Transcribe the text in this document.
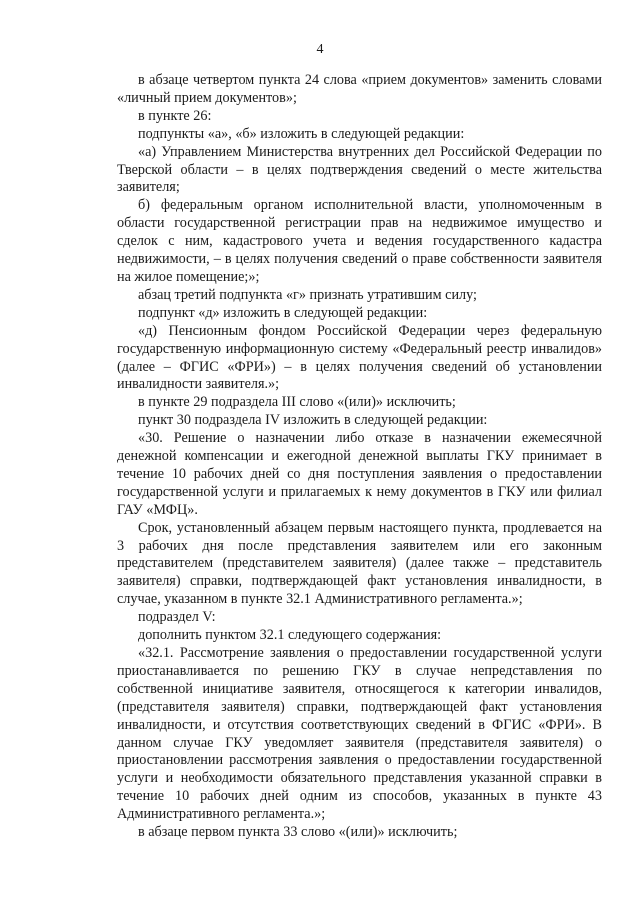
4

в абзаце четвертом пункта 24 слова «прием документов» заменить словами «личный прием документов»;

в пункте 26:

подпункты «а», «б» изложить в следующей редакции:

«а) Управлением Министерства внутренних дел Российской Федерации по Тверской области – в целях подтверждения сведений о месте жительства заявителя;

б) федеральным органом исполнительной власти, уполномоченным в области государственной регистрации прав на недвижимое имущество и сделок с ним, кадастрового учета и ведения государственного кадастра недвижимости, – в целях получения сведений о праве собственности заявителя на жилое помещение;»;

абзац третий подпункта «г» признать утратившим силу;

подпункт «д» изложить в следующей редакции:

«д) Пенсионным фондом Российской Федерации через федеральную государственную информационную систему «Федеральный реестр инвалидов» (далее – ФГИС «ФРИ») – в целях получения сведений об установлении инвалидности заявителя.»;

в пункте 29 подраздела III слово «(или)» исключить;

пункт 30 подраздела IV изложить в следующей редакции:

«30. Решение о назначении либо отказе в назначении ежемесячной денежной компенсации и ежегодной денежной выплаты ГКУ принимает в течение 10 рабочих дней со дня поступления заявления о предоставлении государственной услуги и прилагаемых к нему документов в ГКУ или филиал ГАУ «МФЦ».

Срок, установленный абзацем первым настоящего пункта, продлевается на 3 рабочих дня после представления заявителем или его законным представителем (представителем заявителя) (далее также – представитель заявителя) справки, подтверждающей факт установления инвалидности, в случае, указанном в пункте 32.1 Административного регламента.»;

подраздел V:

дополнить пунктом 32.1 следующего содержания:

«32.1. Рассмотрение заявления о предоставлении государственной услуги приостанавливается по решению ГКУ в случае непредставления по собственной инициативе заявителя, относящегося к категории инвалидов, (представителя заявителя) справки, подтверждающей факт установления инвалидности, и отсутствия соответствующих сведений в ФГИС «ФРИ». В данном случае ГКУ уведомляет заявителя (представителя заявителя) о приостановлении рассмотрения заявления о предоставлении государственной услуги и необходимости обязательного представления указанной справки в течение 10 рабочих дней одним из способов, указанных в пункте 43 Административного регламента.»;

в абзаце первом пункта 33 слово «(или)» исключить;
